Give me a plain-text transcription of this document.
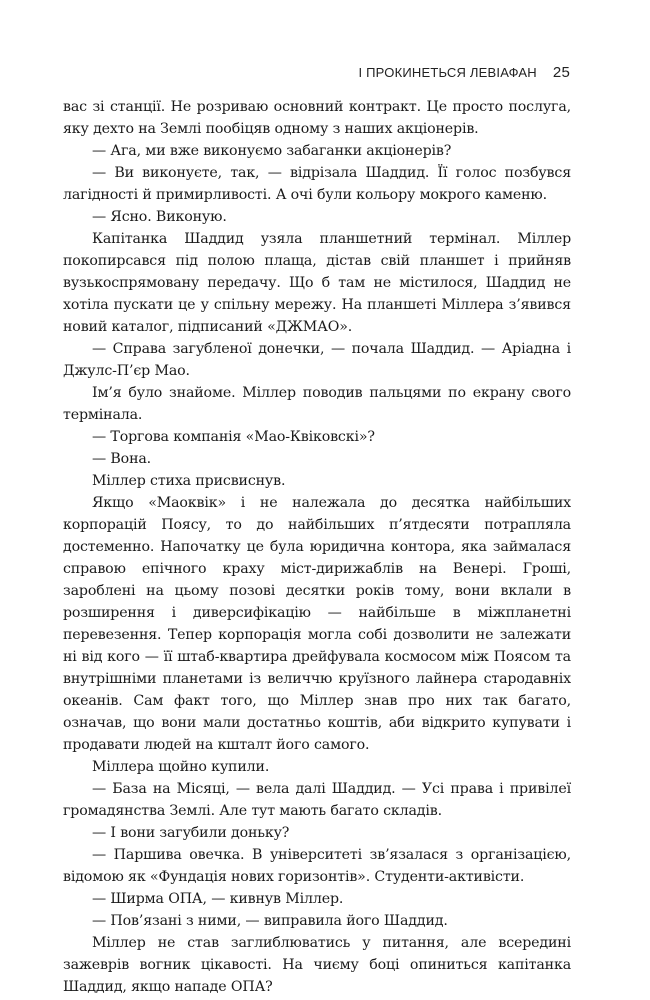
І ПРОКИНЕТЬСЯ ЛЕВІАФАН 25

вас зі станції. Не розриваю основний контракт. Це просто послуга, яку дехто на Землі пообіцяв одному з наших акціонерів.

— Ага, ми вже виконуємо забаганки акціонерів?

— Ви виконуєте, так, — відрізала Шаддид. Її голос позбувся лагідності й примирливості. А очі були кольору мокрого каменю.

— Ясно. Виконую.

Капітанка Шаддид узяла планшетний термінал. Міллер покопирсався під полою плаща, дістав свій планшет і прийняв вузькоспрямовану передачу. Що б там не містилося, Шаддид не хотіла пускати це у спільну мережу. На планшеті Міллера з’явився новий каталог, підписаний «ДЖМАО».

— Справа загубленої донечки, — почала Шаддид. — Аріадна і Джулс-П’єр Мао.

Ім’я було знайоме. Міллер поводив пальцями по екрану свого термінала.

— Торгова компанія «Мао-Квіковскі»?

— Вона.

Міллер стиха присвиснув.

Якщо «Маоквік» і не належала до десятка найбільших корпорацій Поясу, то до найбільших п’ятдесяти потрапляла достеменно. Напочатку це була юридична контора, яка займалася справою епічного краху міст-дирижаблів на Венері. Гроші, зароблені на цьому позові десятки років тому, вони вклали в розширення і диверсифікацію — найбільше в міжпланетні перевезення. Тепер корпорація могла собі дозволити не залежати ні від кого — її штаб-квартира дрейфувала космосом між Поясом та внутрішніми планетами із величчю круїзного лайнера стародавніх океанів. Сам факт того, що Міллер знав про них так багато, означав, що вони мали достатньо коштів, аби відкрито купувати і продавати людей на кшталт його самого.

Міллера щойно купили.

— База на Місяці, — вела далі Шаддид. — Усі права і привілеї громадянства Землі. Але тут мають багато складів.

— І вони загубили доньку?

— Паршива овечка. В університеті зв’язалася з організацією, відомою як «Фундація нових горизонтів». Студенти-активісти.

— Ширма ОПА, — кивнув Міллер.

— Пов’язані з ними, — виправила його Шаддид.

Міллер не став заглиблюватись у питання, але всередині зажеврів вогник цікавості. На чиєму боці опиниться капітанка Шаддид, якщо нападе ОПА?
